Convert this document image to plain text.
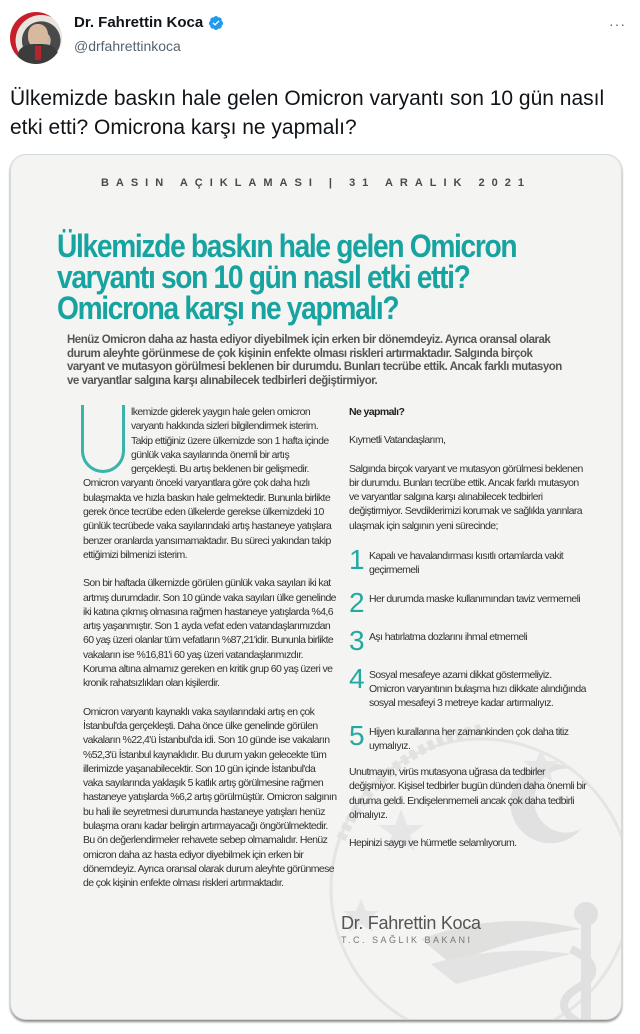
Dr. Fahrettin Koca
@drfahrettinkoca
···
Ülkemizde baskın hale gelen Omicron varyantı son 10 gün nasıl etki etti? Omicrona karşı ne yapmalı?
BASIN AÇIKLAMASI | 31 ARALIK 2021
Ülkemizde baskın hale gelen Omicron varyantı son 10 gün nasıl etki etti? Omicrona karşı ne yapmalı?
Henüz Omicron daha az hasta ediyor diyebilmek için erken bir dönemdeyiz. Ayrıca oransal olarak durum aleyhte görünmese de çok kişinin enfekte olması riskleri artırmaktadır. Salgında birçok varyant ve mutasyon görülmesi beklenen bir durumdu. Bunları tecrübe ettik. Ancak farklı mutasyon ve varyantlar salgına karşı alınabilecek tedbirleri değiştirmiyor.

lkemizde giderek yaygın hale gelen omicron varyantı hakkında sizleri bilgilendirmek isterim. Takip ettiğiniz üzere ülkemizde son 1 hafta içinde günlük vaka sayılarında önemli bir artış gerçekleşti. Bu artış beklenen bir gelişmedir. Omicron varyantı önceki varyantlara göre çok daha hızlı bulaşmakta ve hızla baskın hale gelmektedir. Bununla birlikte gerek önce tecrübe eden ülkelerde gerekse ülkemizdeki 10 günlük tecrübede vaka sayılarındaki artış hastaneye yatışlara benzer oranlarda yansımamaktadır. Bu süreci yakından takip ettiğimizi bilmenizi isterim.

Son bir haftada ülkemizde görülen günlük vaka sayıları iki kat artmış durumdadır. Son 10 günde vaka sayıları ülke genelinde iki katına çıkmış olmasına rağmen hastaneye yatışlarda %4,6 artış yaşanmıştır. Son 1 ayda vefat eden vatandaşlarımızdan 60 yaş üzeri olanlar tüm vefatların %87,21'idir. Bununla birlikte vakaların ise %16,81'i 60 yaş üzeri vatandaşlarımızdır. Koruma altına almamız gereken en kritik grup 60 yaş üzeri ve kronik rahatsızlıkları olan kişilerdir.

Omicron varyantı kaynaklı vaka sayılarındaki artış en çok İstanbul'da gerçekleşti. Daha önce ülke genelinde görülen vakaların %22,4'ü İstanbul'da idi. Son 10 günde ise vakaların %52,3'ü İstanbul kaynaklıdır. Bu durum yakın gelecekte tüm illerimizde yaşanabilecektir. Son 10 gün içinde İstanbul'da vaka sayılarında yaklaşık 5 katlık artış görülmesine rağmen hastaneye yatışlarda %6,2 artış görülmüştür. Omicron salgının bu hali ile seyretmesi durumunda hastaneye yatışları henüz bulaşma oranı kadar belirgin artırmayacağı öngörülmektedir. Bu ön değerlendirmeler rehavete sebep olmamalıdır. Henüz omicron daha az hasta ediyor diyebilmek için erken bir dönemdeyiz. Ayrıca oransal olarak durum aleyhte görünmese de çok kişinin enfekte olması riskleri artırmaktadır.

Ne yapmalı?

Kıymetli Vatandaşlarım,

Salgında birçok varyant ve mutasyon görülmesi beklenen bir durumdu. Bunları tecrübe ettik. Ancak farklı mutasyon ve varyantlar salgına karşı alınabilecek tedbirleri değiştirmiyor. Sevdiklerimizi korumak ve sağlıkla yarınlara ulaşmak için salgının yeni sürecinde;

1 Kapalı ve havalandırması kısıtlı ortamlarda vakit geçirmemeli
2 Her durumda maske kullanımından taviz vermemeli
3 Aşı hatırlatma dozlarını ihmal etmemeli
4 Sosyal mesafeye azami dikkat göstermeliyiz. Omicron varyantının bulaşma hızı dikkate alındığında sosyal mesafeyi 3 metreye kadar artırmalıyız.
5 Hijyen kurallarına her zamankinden çok daha titiz uymalıyız.

Unutmayın, virüs mutasyona uğrasa da tedbirler değişmiyor. Kişisel tedbirler bugün dünden daha önemli bir duruma geldi. Endişelenmemeli ancak çok daha tedbirli olmalıyız.

Hepinizi saygı ve hürmetle selamlıyorum.

Dr. Fahrettin Koca
T.C. SAĞLIK BAKANI
